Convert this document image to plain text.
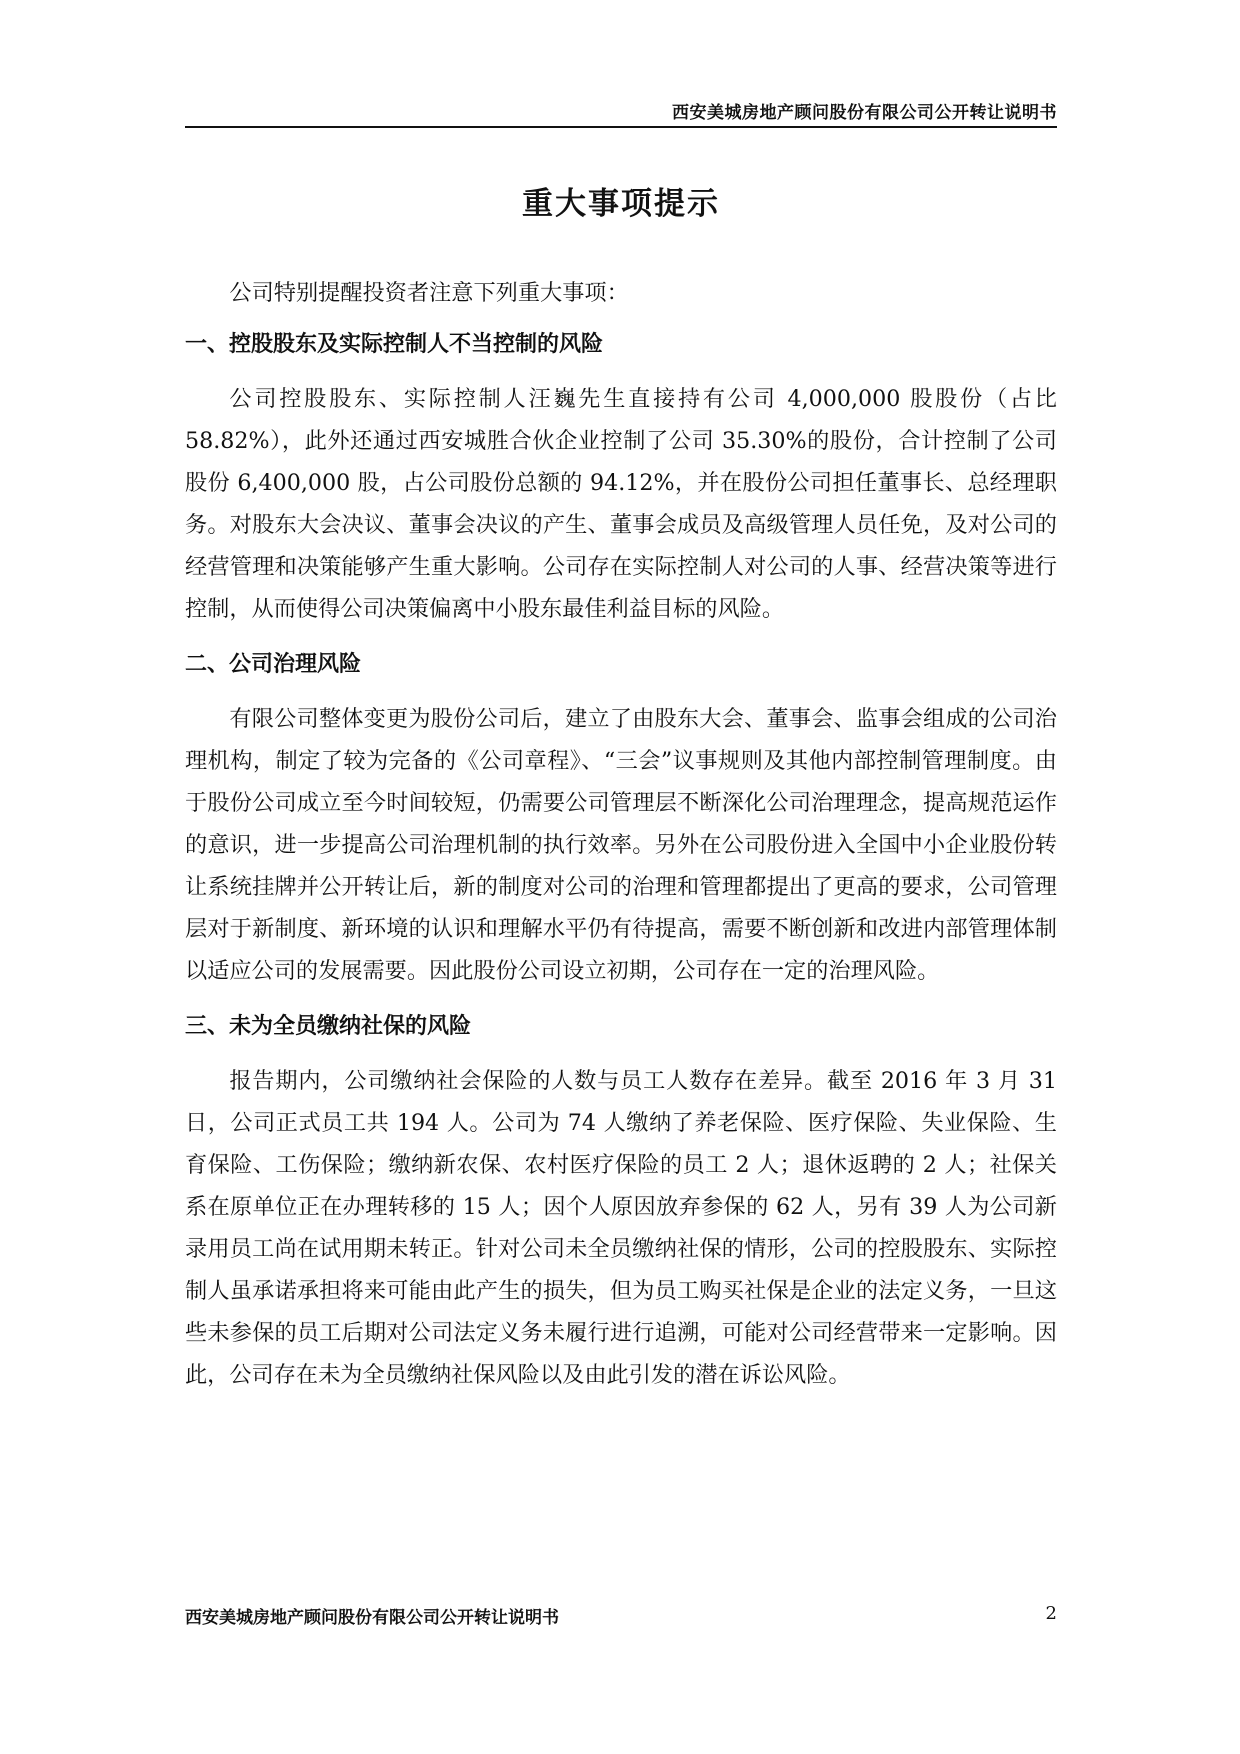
西安美城房地产顾问股份有限公司公开转让说明书
重大事项提示

公司特别提醒投资者注意下列重大事项：

一、控股股东及实际控制人不当控制的风险

公司控股股东、实际控制人汪巍先生直接持有公司 4,000,000 股股份（占比 58.82%），此外还通过西安城胜合伙企业控制了公司 35.30%的股份，合计控制了公司股份 6,400,000 股，占公司股份总额的 94.12%，并在股份公司担任董事长、总经理职务。对股东大会决议、董事会决议的产生、董事会成员及高级管理人员任免，及对公司的经营管理和决策能够产生重大影响。公司存在实际控制人对公司的人事、经营决策等进行控制，从而使得公司决策偏离中小股东最佳利益目标的风险。

二、公司治理风险

有限公司整体变更为股份公司后，建立了由股东大会、董事会、监事会组成的公司治理机构，制定了较为完备的《公司章程》、“三会”议事规则及其他内部控制管理制度。由于股份公司成立至今时间较短，仍需要公司管理层不断深化公司治理理念，提高规范运作的意识，进一步提高公司治理机制的执行效率。另外在公司股份进入全国中小企业股份转让系统挂牌并公开转让后，新的制度对公司的治理和管理都提出了更高的要求，公司管理层对于新制度、新环境的认识和理解水平仍有待提高，需要不断创新和改进内部管理体制以适应公司的发展需要。因此股份公司设立初期，公司存在一定的治理风险。

三、未为全员缴纳社保的风险

报告期内，公司缴纳社会保险的人数与员工人数存在差异。截至 2016 年 3 月 31 日，公司正式员工共 194 人。公司为 74 人缴纳了养老保险、医疗保险、失业保险、生育保险、工伤保险；缴纳新农保、农村医疗保险的员工 2 人；退休返聘的 2 人；社保关系在原单位正在办理转移的 15 人；因个人原因放弃参保的 62 人，另有 39 人为公司新录用员工尚在试用期未转正。针对公司未全员缴纳社保的情形，公司的控股股东、实际控制人虽承诺承担将来可能由此产生的损失，但为员工购买社保是企业的法定义务，一旦这些未参保的员工后期对公司法定义务未履行进行追溯，可能对公司经营带来一定影响。因此，公司存在未为全员缴纳社保风险以及由此引发的潜在诉讼风险。

西安美城房地产顾问股份有限公司公开转让说明书	2
